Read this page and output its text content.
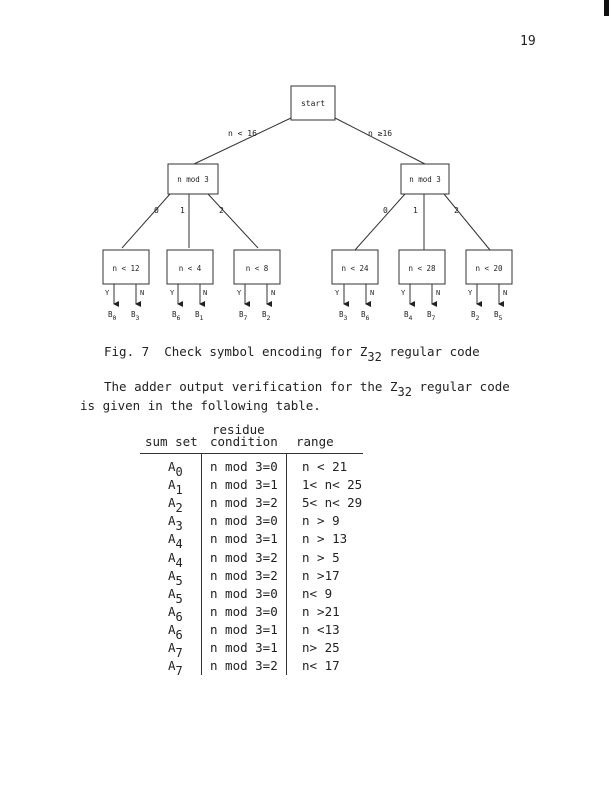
19
start
n < 16	n ≥16
n mod 3	n mod 3
0	1	2	0	1	2
n < 12	n < 4	n < 8	n < 24	n < 28	n < 20
Y	N	Y	N	Y	N	Y	N	Y	N	Y	N
B0 B3	B6 B1	B7 B2	B3 B6	B4 B7	B2 B5
Fig. 7  Check symbol encoding for Z32 regular code
The adder output verification for the Z32 regular code
is given in the following table.
residue
sum set condition range
A0 n mod 3=0 n < 21
A1 n mod 3=1 1< n< 25
A2 n mod 3=2 5< n< 29
A3 n mod 3=0 n > 9
A4 n mod 3=1 n > 13
A4 n mod 3=2 n > 5
A5 n mod 3=2 n >17
A5 n mod 3=0 n< 9
A6 n mod 3=0 n >21
A6 n mod 3=1 n <13
A7 n mod 3=1 n> 25
A7 n mod 3=2 n< 17
